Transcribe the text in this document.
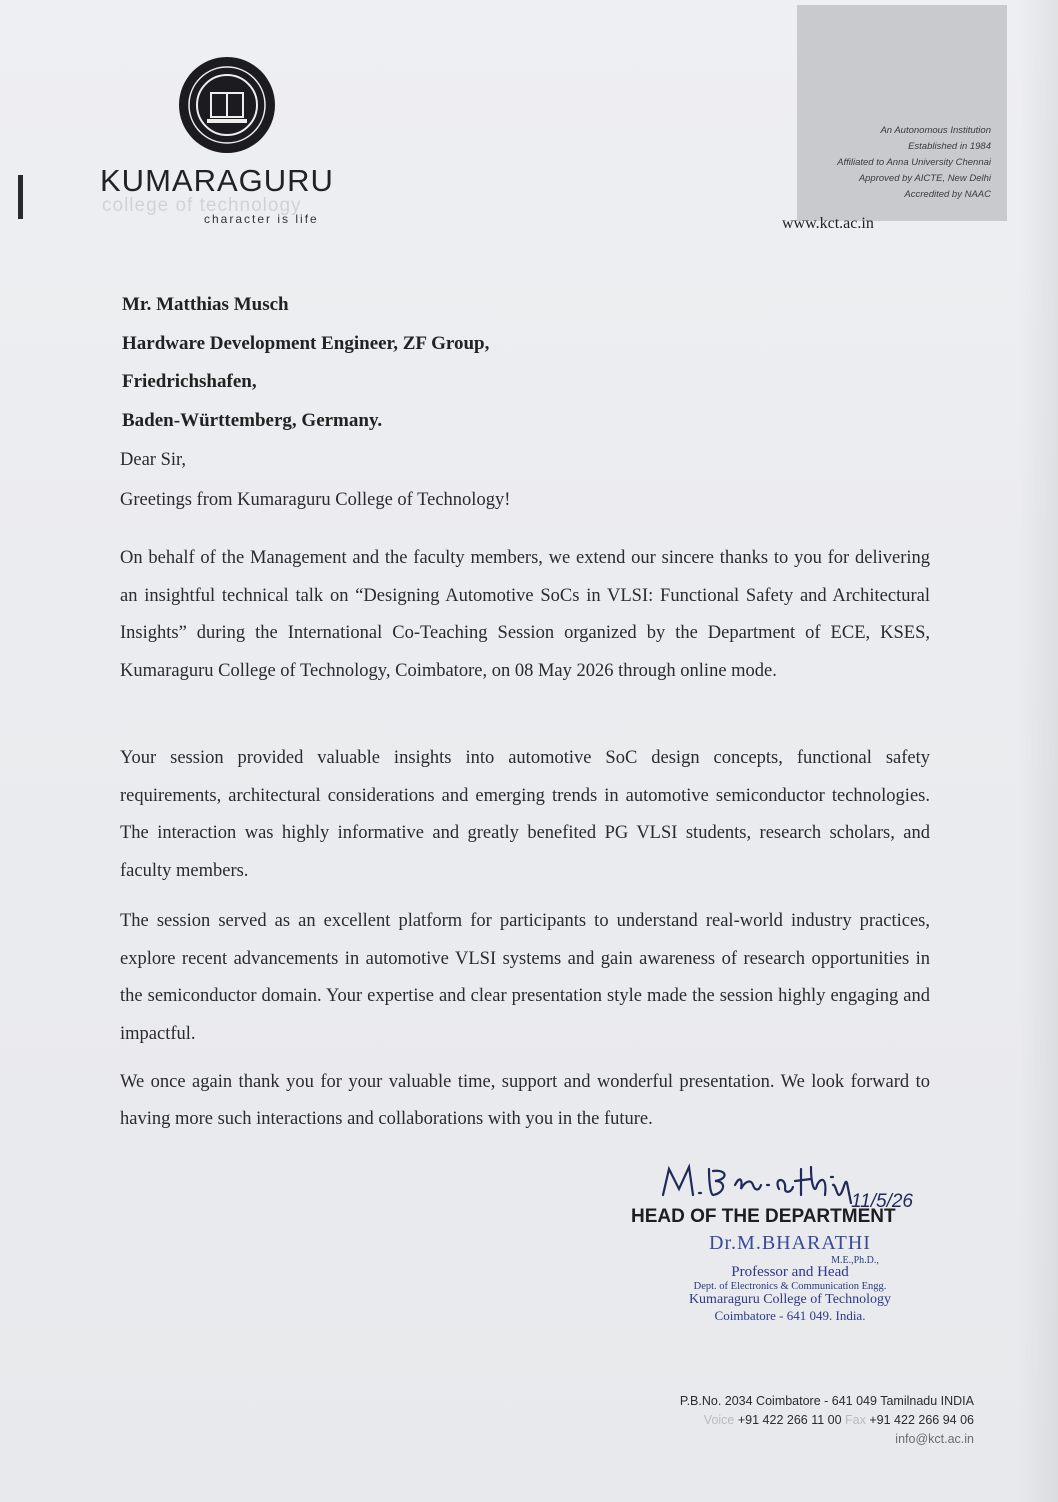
KUMARAGURU
college of technology
character is life
An Autonomous Institution
Established in 1984
Affiliated to Anna University Chennai
Approved by AICTE, New Delhi
Accredited by NAAC
www.kct.ac.in
Mr. Matthias Musch
Hardware Development Engineer, ZF Group,
Friedrichshafen,
Baden-Württemberg, Germany.
Dear Sir,
Greetings from Kumaraguru College of Technology!
On behalf of the Management and the faculty members, we extend our sincere thanks to you for delivering an insightful technical talk on “Designing Automotive SoCs in VLSI: Functional Safety and Architectural Insights” during the International Co-Teaching Session organized by the Department of ECE, KSES, Kumaraguru College of Technology, Coimbatore, on 08 May 2026 through online mode.
Your session provided valuable insights into automotive SoC design concepts, functional safety requirements, architectural considerations and emerging trends in automotive semiconductor technologies. The interaction was highly informative and greatly benefited PG VLSI students, research scholars, and faculty members.
The session served as an excellent platform for participants to understand real-world industry practices, explore recent advancements in automotive VLSI systems and gain awareness of research opportunities in the semiconductor domain. Your expertise and clear presentation style made the session highly engaging and impactful.
We once again thank you for your valuable time, support and wonderful presentation. We look forward to having more such interactions and collaborations with you in the future.
11/5/26
HEAD OF THE DEPARTMENT
Dr.M.BHARATHI
M.E.,Ph.D.,
Professor and Head
Dept. of Electronics & Communication Engg.
Kumaraguru College of Technology
Coimbatore - 641 049. India.
P.B.No. 2034 Coimbatore - 641 049 Tamilnadu INDIA
Voice +91 422 266 11 00 Fax +91 422 266 94 06
info@kct.ac.in
